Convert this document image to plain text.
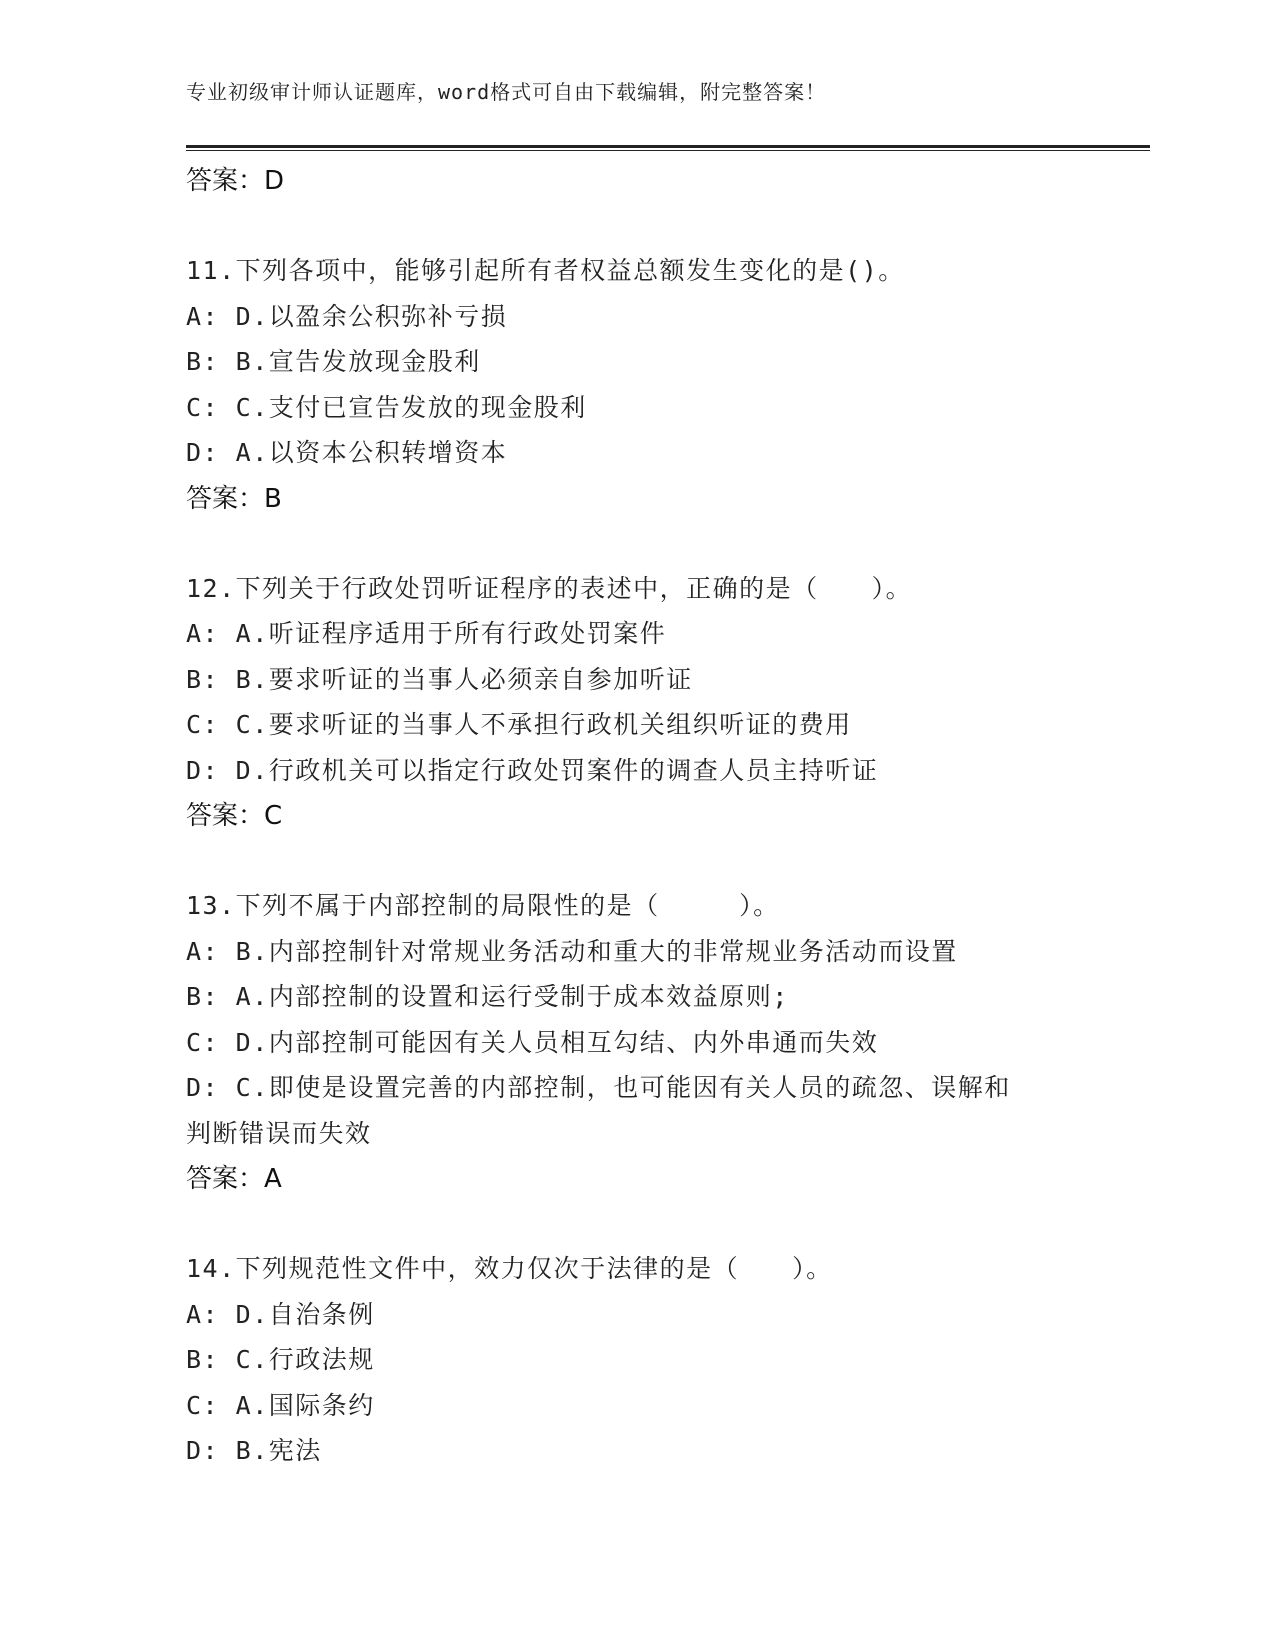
专业初级审计师认证题库，word格式可自由下载编辑，附完整答案！
答案：D
11.下列各项中，能够引起所有者权益总额发生变化的是()。
A: D.以盈余公积弥补亏损
B: B.宣告发放现金股利
C: C.支付已宣告发放的现金股利
D: A.以资本公积转增资本
答案：B
12.下列关于行政处罚听证程序的表述中，正确的是（　　）。
A: A.听证程序适用于所有行政处罚案件
B: B.要求听证的当事人必须亲自参加听证
C: C.要求听证的当事人不承担行政机关组织听证的费用
D: D.行政机关可以指定行政处罚案件的调查人员主持听证
答案：C
13.下列不属于内部控制的局限性的是（　　　）。
A: B.内部控制针对常规业务活动和重大的非常规业务活动而设置
B: A.内部控制的设置和运行受制于成本效益原则;
C: D.内部控制可能因有关人员相互勾结、内外串通而失效
D: C.即使是设置完善的内部控制，也可能因有关人员的疏忽、误解和
判断错误而失效
答案：A
14.下列规范性文件中，效力仅次于法律的是（　　）。
A: D.自治条例
B: C.行政法规
C: A.国际条约
D: B.宪法
